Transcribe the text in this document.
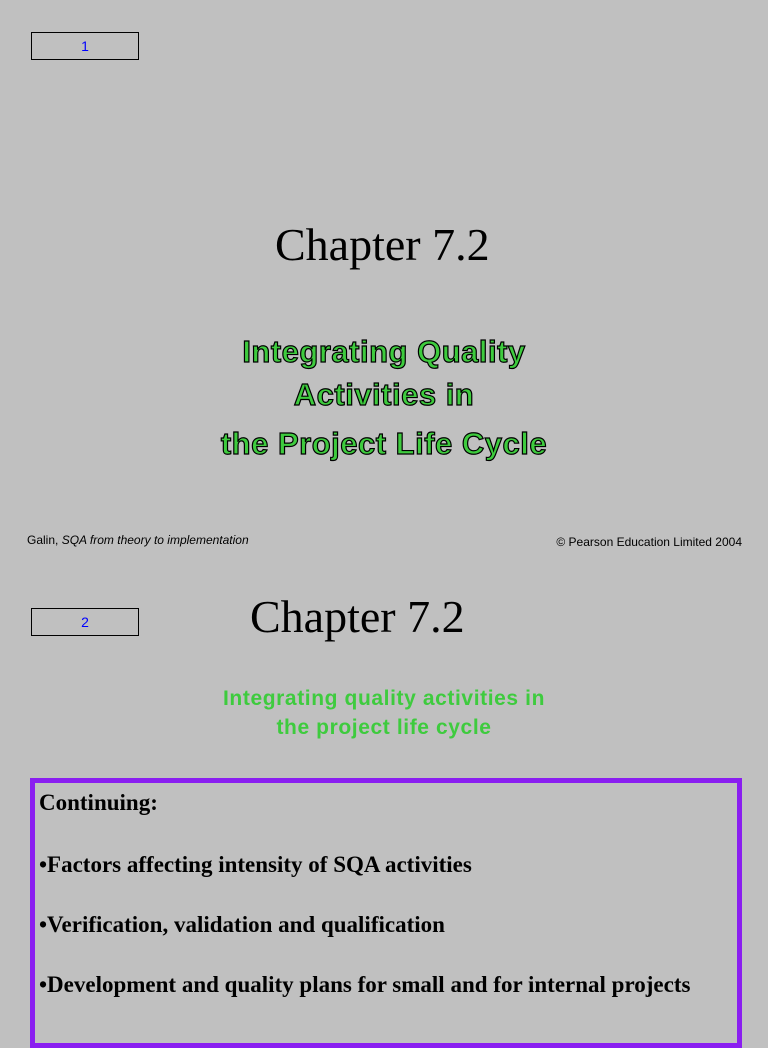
1
Chapter 7.2
Integrating Quality
Activities in
the Project Life Cycle
Galin, SQA from theory to implementation	© Pearson Education Limited 2004
2	Chapter 7.2
Integrating quality activities in
the project life cycle

Continuing:

•Factors affecting intensity of SQA activities

•Verification, validation and qualification

•Development and quality plans for small and for internal projects
